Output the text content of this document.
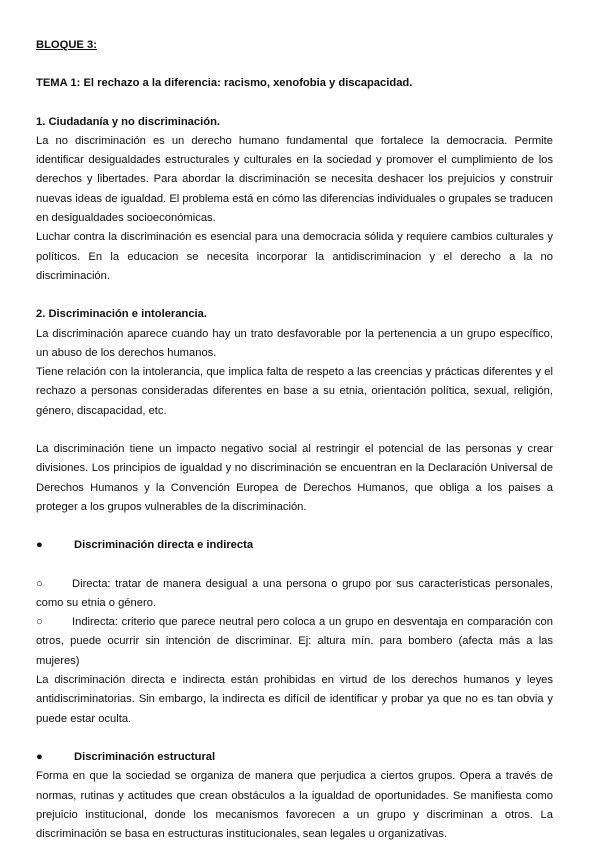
BLOQUE 3:
TEMA 1: El rechazo a la diferencia: racismo, xenofobia y discapacidad.
1. Ciudadanía y no discriminación.

La no discriminación es un derecho humano fundamental que fortalece la democracia. Permite identificar desigualdades estructurales y culturales en la sociedad y promover el cumplimiento de los derechos y libertades. Para abordar la discriminación se necesita deshacer los prejuicios y construir nuevas ideas de igualdad. El problema está en cómo las diferencias individuales o grupales se traducen en desigualdades socioeconómicas.

Luchar contra la discriminación es esencial para una democracia sólida y requiere cambios culturales y políticos. En la educacion se necesita incorporar la antidiscriminacion y el derecho a la no discriminación.

2. Discriminación e intolerancia.

La discriminación aparece cuando hay un trato desfavorable por la pertenencia a un grupo específico, un abuso de los derechos humanos.

Tiene relación con la intolerancia, que implica falta de respeto a las creencias y prácticas diferentes y el rechazo a personas consideradas diferentes en base a su etnia, orientación política, sexual, religión, género, discapacidad, etc.

La discriminación tiene un impacto negativo social al restringir el potencial de las personas y crear divisiones. Los principios de igualdad y no discriminación se encuentran en la Declaración Universal de Derechos Humanos y la Convención Europea de Derechos Humanos, que obliga a los paises a proteger a los grupos vulnerables de la discriminación.

●	Discriminación directa e indirecta

○	Directa: tratar de manera desigual a una persona o grupo por sus características personales, como su etnia o género.

○	Indirecta: criterio que parece neutral pero coloca a un grupo en desventaja en comparación con otros, puede ocurrir sin intención de discriminar. Ej: altura mín. para bombero (afecta más a las mujeres)

La discriminación directa e indirecta están prohibidas en virtud de los derechos humanos y leyes antidiscriminatorias. Sin embargo, la indirecta es difícil de identificar y probar ya que no es tan obvia y puede estar oculta.

●	Discriminación estructural

Forma en que la sociedad se organiza de manera que perjudica a ciertos grupos. Opera a través de normas, rutinas y actitudes que crean obstáculos a la igualdad de oportunidades. Se manifiesta como prejuicio institucional, donde los mecanismos favorecen a un grupo y discriminan a otros. La discriminación se basa en estructuras institucionales, sean legales u organizativas.
